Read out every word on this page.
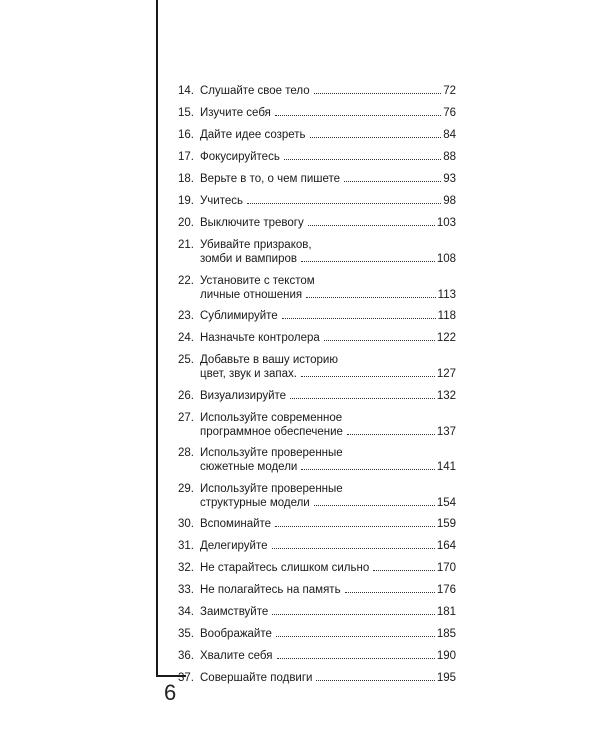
6
14. Слушайте свое тело	72
15. Изучите себя	76
16. Дайте идее созреть	84
17. Фокусируйтесь	88
18. Верьте в то, о чем пишете	93
19. Учитесь	98
20. Выключите тревогу	103
21. Убивайте призраков,
зомби и вампиров	108
22. Установите с текстом
личные отношения	113
23. Сублимируйте	118
24. Назначьте контролера	122
25. Добавьте в вашу историю
цвет, звук и запах.	127
26. Визуализируйте	132
27. Используйте современное
программное обеспечение	137
28. Используйте проверенные
сюжетные модели	141
29. Используйте проверенные
структурные модели	154
30. Вспоминайте	159
31. Делегируйте	164
32. Не старайтесь слишком сильно	170
33. Не полагайтесь на память	176
34. Заимствуйте	181
35. Воображайте	185
36. Хвалите себя	190
37. Совершайте подвиги	195
